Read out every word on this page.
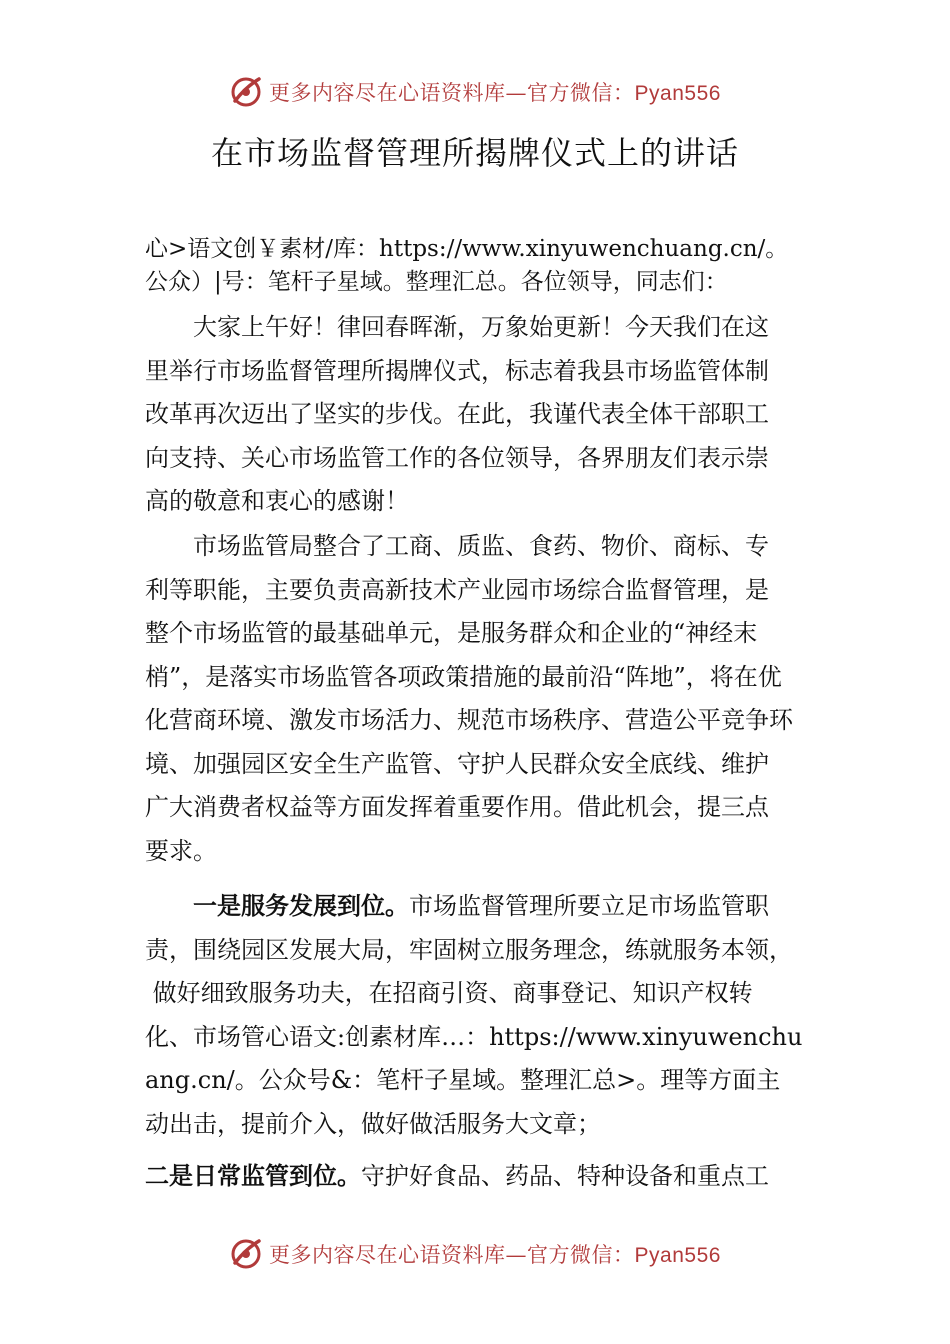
更多内容尽在心语资料库—官方微信：Pyan556
在市场监督管理所揭牌仪式上的讲话
心>语文创￥素材/库：https://www.xinyuwenchuang.cn/。
公众）|号：笔杆子星域。整理汇总。各位领导，同志们：
大家上午好！律回春晖渐，万象始更新！今天我们在这
里举行市场监督管理所揭牌仪式，标志着我县市场监管体制
改革再次迈出了坚实的步伐。在此，我谨代表全体干部职工
向支持、关心市场监管工作的各位领导，各界朋友们表示崇
高的敬意和衷心的感谢！
市场监管局整合了工商、质监、食药、物价、商标、专
利等职能，主要负责高新技术产业园市场综合监督管理，是
整个市场监管的最基础单元，是服务群众和企业的“神经末
梢”，是落实市场监管各项政策措施的最前沿“阵地”，将在优
化营商环境、激发市场活力、规范市场秩序、营造公平竞争环
境、加强园区安全生产监管、守护人民群众安全底线、维护
广大消费者权益等方面发挥着重要作用。借此机会，提三点
要求。
一是服务发展到位。市场监督管理所要立足市场监管职
责，围绕园区发展大局，牢固树立服务理念，练就服务本领，
做好细致服务功夫，在招商引资、商事登记、知识产权转
化、市场管心语文:创素材库…：https://www.xinyuwenchu
ang.cn/。公众号&：笔杆子星域。整理汇总>。理等方面主
动出击，提前介入，做好做活服务大文章；
二是日常监管到位。守护好食品、药品、特种设备和重点工
更多内容尽在心语资料库—官方微信：Pyan556
